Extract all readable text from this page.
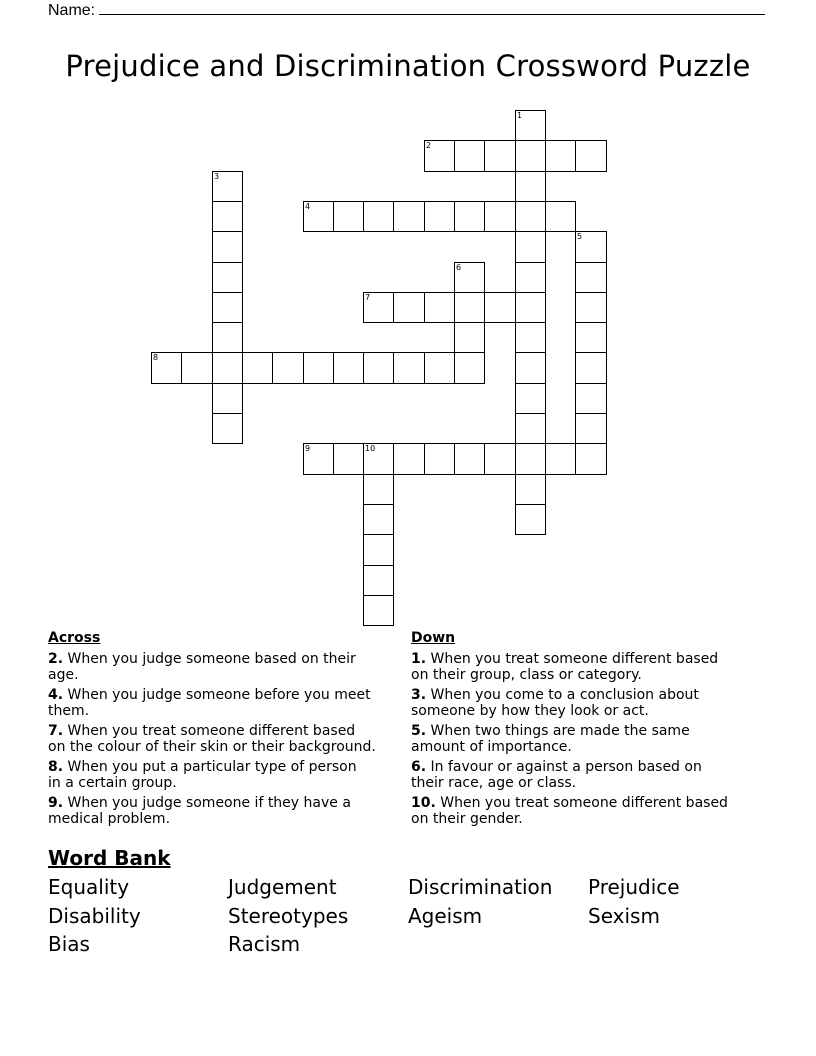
Name:
Prejudice and Discrimination Crossword Puzzle
1
2
3
4
5
6
7
8
9	10
Across
2. When you judge someone based on their
age.
4. When you judge someone before you meet
them.
7. When you treat someone different based
on the colour of their skin or their background.
8. When you put a particular type of person
in a certain group.
9. When you judge someone if they have a
medical problem.
Down
1. When you treat someone different based
on their group, class or category.
3. When you come to a conclusion about
someone by how they look or act.
5. When two things are made the same
amount of importance.
6. In favour or against a person based on
their race, age or class.
10. When you treat someone different based
on their gender.
Word Bank
Equality	Judgement	Discrimination	Prejudice
Disability	Stereotypes	Ageism	Sexism
Bias	Racism
